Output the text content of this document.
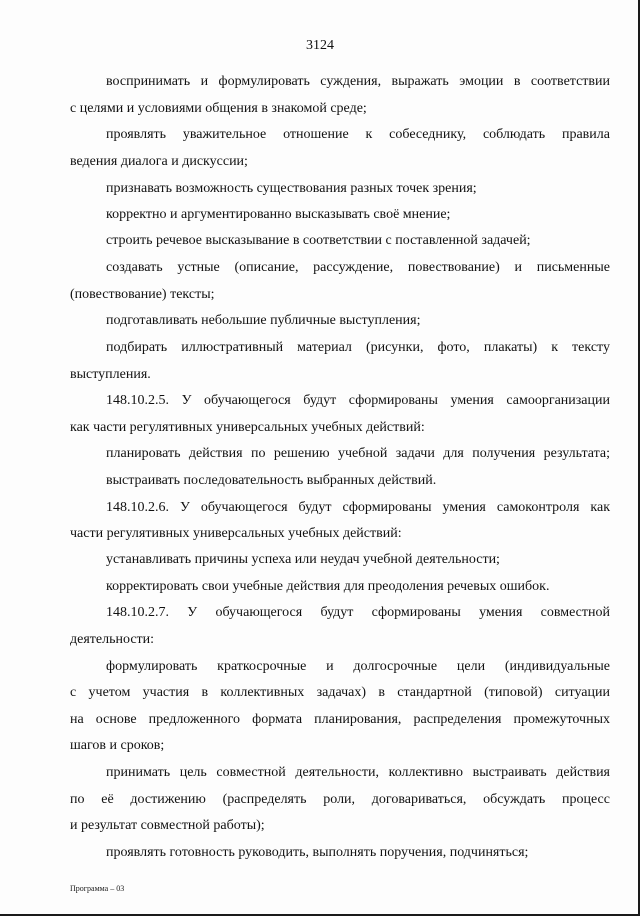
3124
воспринимать и формулировать суждения, выражать эмоции в соответствии
с целями и условиями общения в знакомой среде;
проявлять уважительное отношение к собеседнику, соблюдать правила
ведения диалога и дискуссии;
признавать возможность существования разных точек зрения;
корректно и аргументированно высказывать своё мнение;
строить речевое высказывание в соответствии с поставленной задачей;
создавать устные (описание, рассуждение, повествование) и письменные
(повествование) тексты;
подготавливать небольшие публичные выступления;
подбирать иллюстративный материал (рисунки, фото, плакаты) к тексту
выступления.
148.10.2.5. У обучающегося будут сформированы умения самоорганизации
как части регулятивных универсальных учебных действий:
планировать действия по решению учебной задачи для получения результата;
выстраивать последовательность выбранных действий.
148.10.2.6. У обучающегося будут сформированы умения самоконтроля как
части регулятивных универсальных учебных действий:
устанавливать причины успеха или неудач учебной деятельности;
корректировать свои учебные действия для преодоления речевых ошибок.
148.10.2.7. У обучающегося будут сформированы умения совместной
деятельности:
формулировать краткосрочные и долгосрочные цели (индивидуальные
с учетом участия в коллективных задачах) в стандартной (типовой) ситуации
на основе предложенного формата планирования, распределения промежуточных
шагов и сроков;
принимать цель совместной деятельности, коллективно выстраивать действия
по её достижению (распределять роли, договариваться, обсуждать процесс
и результат совместной работы);
проявлять готовность руководить, выполнять поручения, подчиняться;
Программа – 03
